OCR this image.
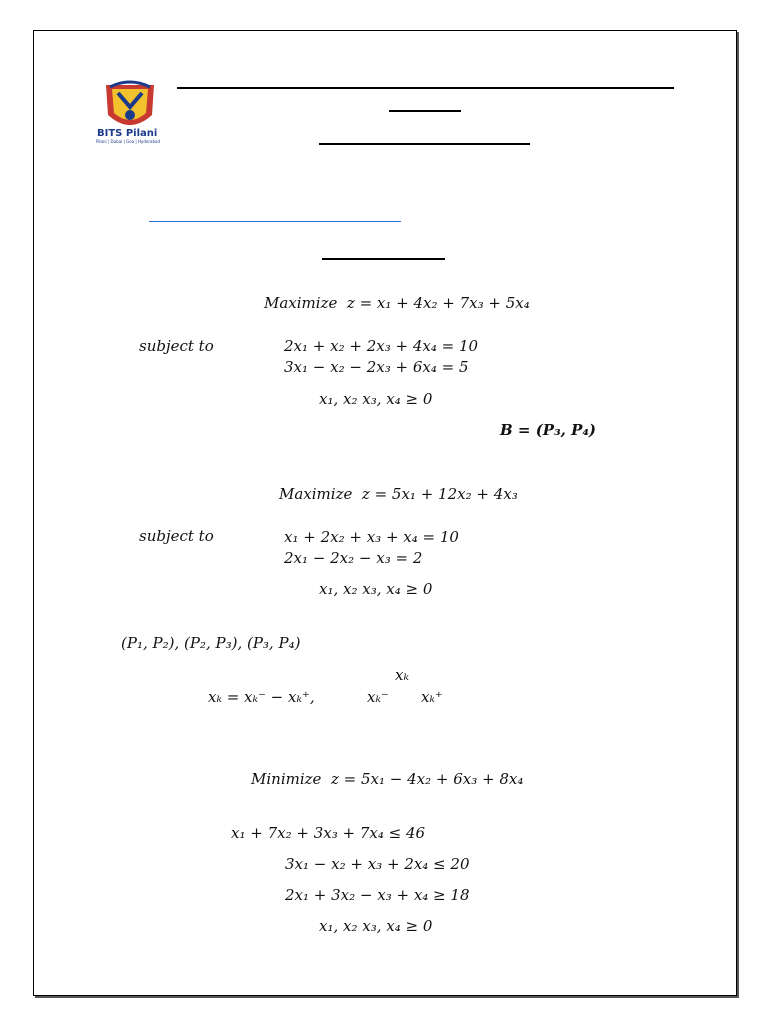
BITS Pilani
Pilani | Dubai | Goa | Hyderabad
Maximize z = x₁ + 4x₂ + 7x₃ + 5x₄
subject to	2x₁ + x₂ + 2x₃ + 4x₄ = 10
3x₁ − x₂ − 2x₃ + 6x₄ = 5
x₁, x₂ x₃, x₄ ≥ 0
B = (P₃, P₄)
Maximize z = 5x₁ + 12x₂ + 4x₃
subject to	x₁ + 2x₂ + x₃ + x₄ = 10
2x₁ − 2x₂ − x₃ = 2
x₁, x₂ x₃, x₄ ≥ 0
(P₁, P₂), (P₂, P₃), (P₃, P₄)
xₖ
xₖ = xₖ⁻ − xₖ⁺,	xₖ⁻ xₖ⁺
Minimize z = 5x₁ − 4x₂ + 6x₃ + 8x₄
x₁ + 7x₂ + 3x₃ + 7x₄ ≤ 46
3x₁ − x₂ + x₃ + 2x₄ ≤ 20
2x₁ + 3x₂ − x₃ + x₄ ≥ 18
x₁, x₂ x₃, x₄ ≥ 0
